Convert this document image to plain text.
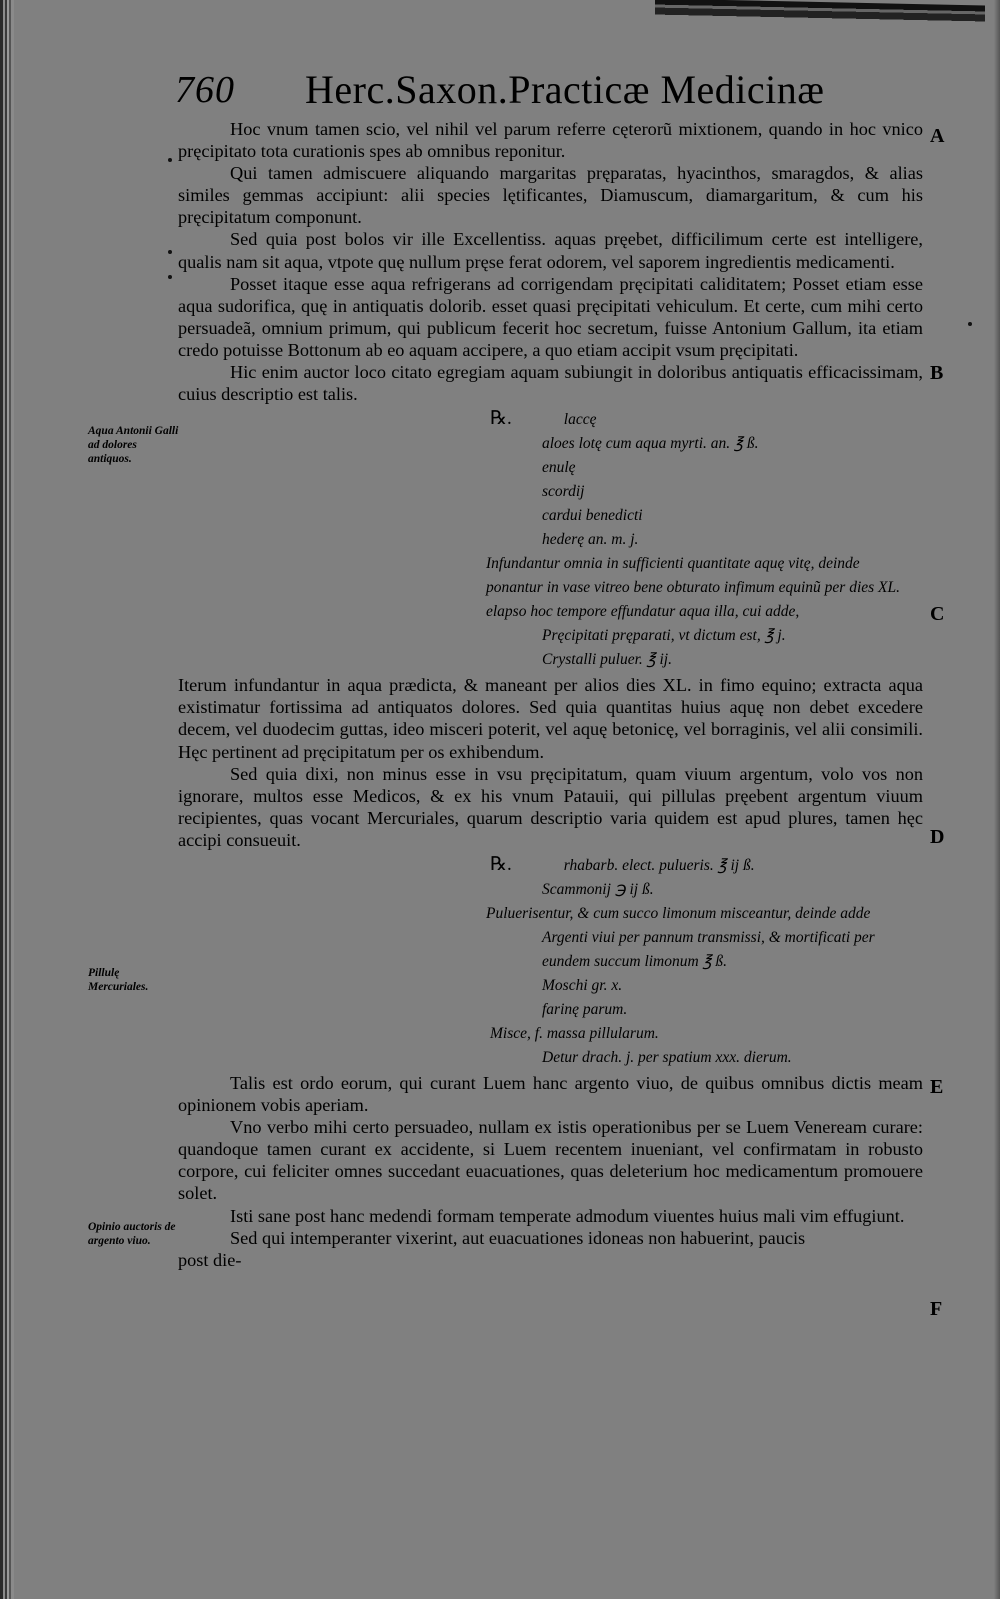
760 Herc.Saxon.Practicæ Medicinæ
Aqua Antonii Galli ad dolores antiquos.
Pillulę Mercuriales.
Opinio auctoris de argento viuo.
A
B
C
D
E
F

Hoc vnum tamen scio, vel nihil vel parum referre cęterorũ mixtionem, quando in hoc vnico pręcipitato tota curationis spes ab omnibus reponitur.

Qui tamen admiscuere aliquando margaritas pręparatas, hyacinthos, smaragdos, & alias similes gemmas accipiunt: alii species lętificantes, Diamuscum, diamargaritum, & cum his pręcipitatum componunt.

Sed quia post bolos vir ille Excellentiss. aquas pręebet, difficilimum certe est intelligere, qualis nam sit aqua, vtpote quę nullum pręse ferat odorem, vel saporem ingredientis medicamenti.

Posset itaque esse aqua refrigerans ad corrigendam pręcipitati caliditatem; Posset etiam esse aqua sudorifica, quę in antiquatis dolorib. esset quasi pręcipitati vehiculum. Et certe, cum mihi certo persuadeã, omnium primum, qui publicum fecerit hoc secretum, fuisse Antonium Gallum, ita etiam credo potuisse Bottonum ab eo aquam accipere, a quo etiam accipit vsum pręcipitati.

Hic enim auctor loco citato egregiam aquam subiungit in doloribus antiquatis efficacissimam, cuius descriptio est talis.

℞.	laccę
aloes lotę cum aqua myrti. an. ℥ ß.
enulę
scordij
cardui benedicti
hederę an. m. j.
Infundantur omnia in sufficienti quantitate aquę vitę, deinde ponantur in vase vitreo bene obturato infimum equinũ per dies XL. elapso hoc tempore effundatur aqua illa, cui adde,
Pręcipitati pręparati, vt dictum est, ℥ j.
Crystalli puluer. ℥ ij.

Iterum infundantur in aqua prædicta, & maneant per alios dies XL. in fimo equino; extracta aqua existimatur fortissima ad antiquatos dolores. Sed quia quantitas huius aquę non debet excedere decem, vel duodecim guttas, ideo misceri poterit, vel aquę betonicę, vel borraginis, vel alii consimili. Hęc pertinent ad pręcipitatum per os exhibendum.

Sed quia dixi, non minus esse in vsu pręcipitatum, quam viuum argentum, volo vos non ignorare, multos esse Medicos, & ex his vnum Patauii, qui pillulas pręebent argentum viuum recipientes, quas vocant Mercuriales, quarum descriptio varia quidem est apud plures, tamen hęc accipi consueuit.

℞.	rhabarb. elect. pulueris. ℥ ij ß.
Scammonij ℈ ij ß.
Puluerisentur, & cum succo limonum misceantur, deinde adde
Argenti viui per pannum transmissi, & mortificati per eundem succum limonum ℥ ß.
Moschi gr. x.
farinę parum.
Misce, f. massa pillularum.
Detur drach. j. per spatium xxx. dierum.

Talis est ordo eorum, qui curant Luem hanc argento viuo, de quibus omnibus dictis meam opinionem vobis aperiam.

Vno verbo mihi certo persuadeo, nullam ex istis operationibus per se Luem Veneream curare: quandoque tamen curant ex accidente, si Luem recentem inueniant, vel confirmatam in robusto corpore, cui feliciter omnes succedant euacuationes, quas deleterium hoc medicamentum promouere solet.

Isti sane post hanc medendi formam temperate admodum viuentes huius mali vim effugiunt.

Sed qui intemperanter vixerint, aut euacuationes idoneas non habuerint, paucis

post die-
